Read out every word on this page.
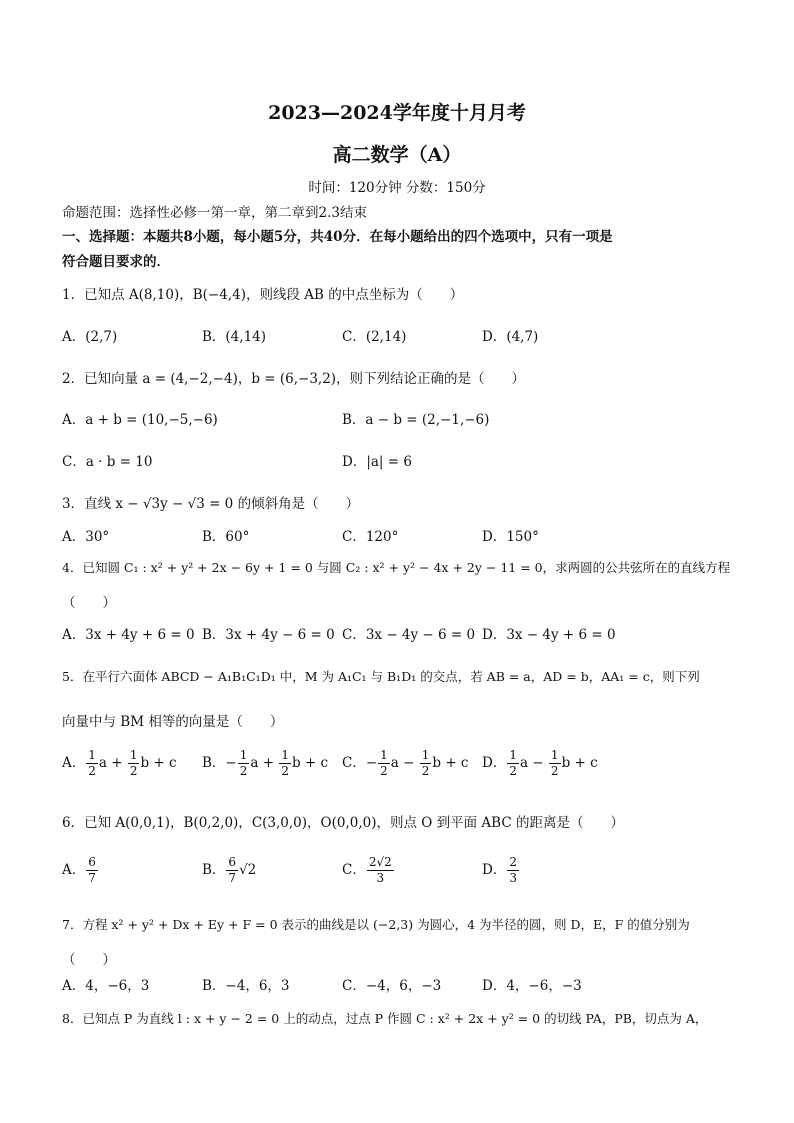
2023—2024学年度十月月考
高二数学（A）
时间：120分钟 分数：150分
命题范围：选择性必修一第一章，第二章到2.3结束
一、选择题：本题共8小题，每小题5分，共40分．在每小题给出的四个选项中，只有一项是
符合题目要求的．
1．已知点 A(8,10)，B(−4,4)，则线段 AB 的中点坐标为（　　）
A．(2,7)	B．(4,14)	C．(2,14)	D．(4,7)
2．已知向量 a = (4,−2,−4)，b = (6,−3,2)，则下列结论正确的是（　　）
A．a + b = (10,−5,−6)	B．a − b = (2,−1,−6)
C．a · b = 10	D．|a| = 6
3．直线 x − √3y − √3 = 0 的倾斜角是（　　）
A．30°	B．60°	C．120°	D．150°
4．已知圆 C₁ : x² + y² + 2x − 6y + 1 = 0 与圆 C₂ : x² + y² − 4x + 2y − 11 = 0，求两圆的公共弦所在的直线方程
（　　）
A．3x + 4y + 6 = 0 B．3x + 4y − 6 = 0 C．3x − 4y − 6 = 0 D．3x − 4y + 6 = 0
5．在平行六面体 ABCD − A₁B₁C₁D₁ 中，M 为 A₁C₁ 与 B₁D₁ 的交点，若 AB = a，AD = b，AA₁ = c，则下列
向量中与 BM 相等的向量是（　　）
A． $\frac{1}{2}$ $a + \frac{1}{2}$ b + c B．− $\frac{1}{2}$ $a + \frac{1}{2}$ b + c C．− $\frac{1}{2}$ $a - \frac{1}{2}$ b + c D． $\frac{1}{2}$ $a - \frac{1}{2}$ b + c
6．已知 A(0,0,1)，B(0,2,0)，C(3,0,0)，O(0,0,0)，则点 O 到平面 ABC 的距离是（　　）
A． $\frac{6}{7}$	B． $\frac{6}{7} √2$	C． $\frac{2√2}{3}$	D． $\frac{2}{3}$
7．方程 x² + y² + Dx + Ey + F = 0 表示的曲线是以 (−2,3) 为圆心，4 为半径的圆，则 D，E，F 的值分别为
（　　）
A．4，−6，3	B．−4，6，3	C．−4，6，−3	D．4，−6，−3
8．已知点 P 为直线 l : x + y − 2 = 0 上的动点，过点 P 作圆 C : x² + 2x + y² = 0 的切线 PA，PB，切点为 A，
